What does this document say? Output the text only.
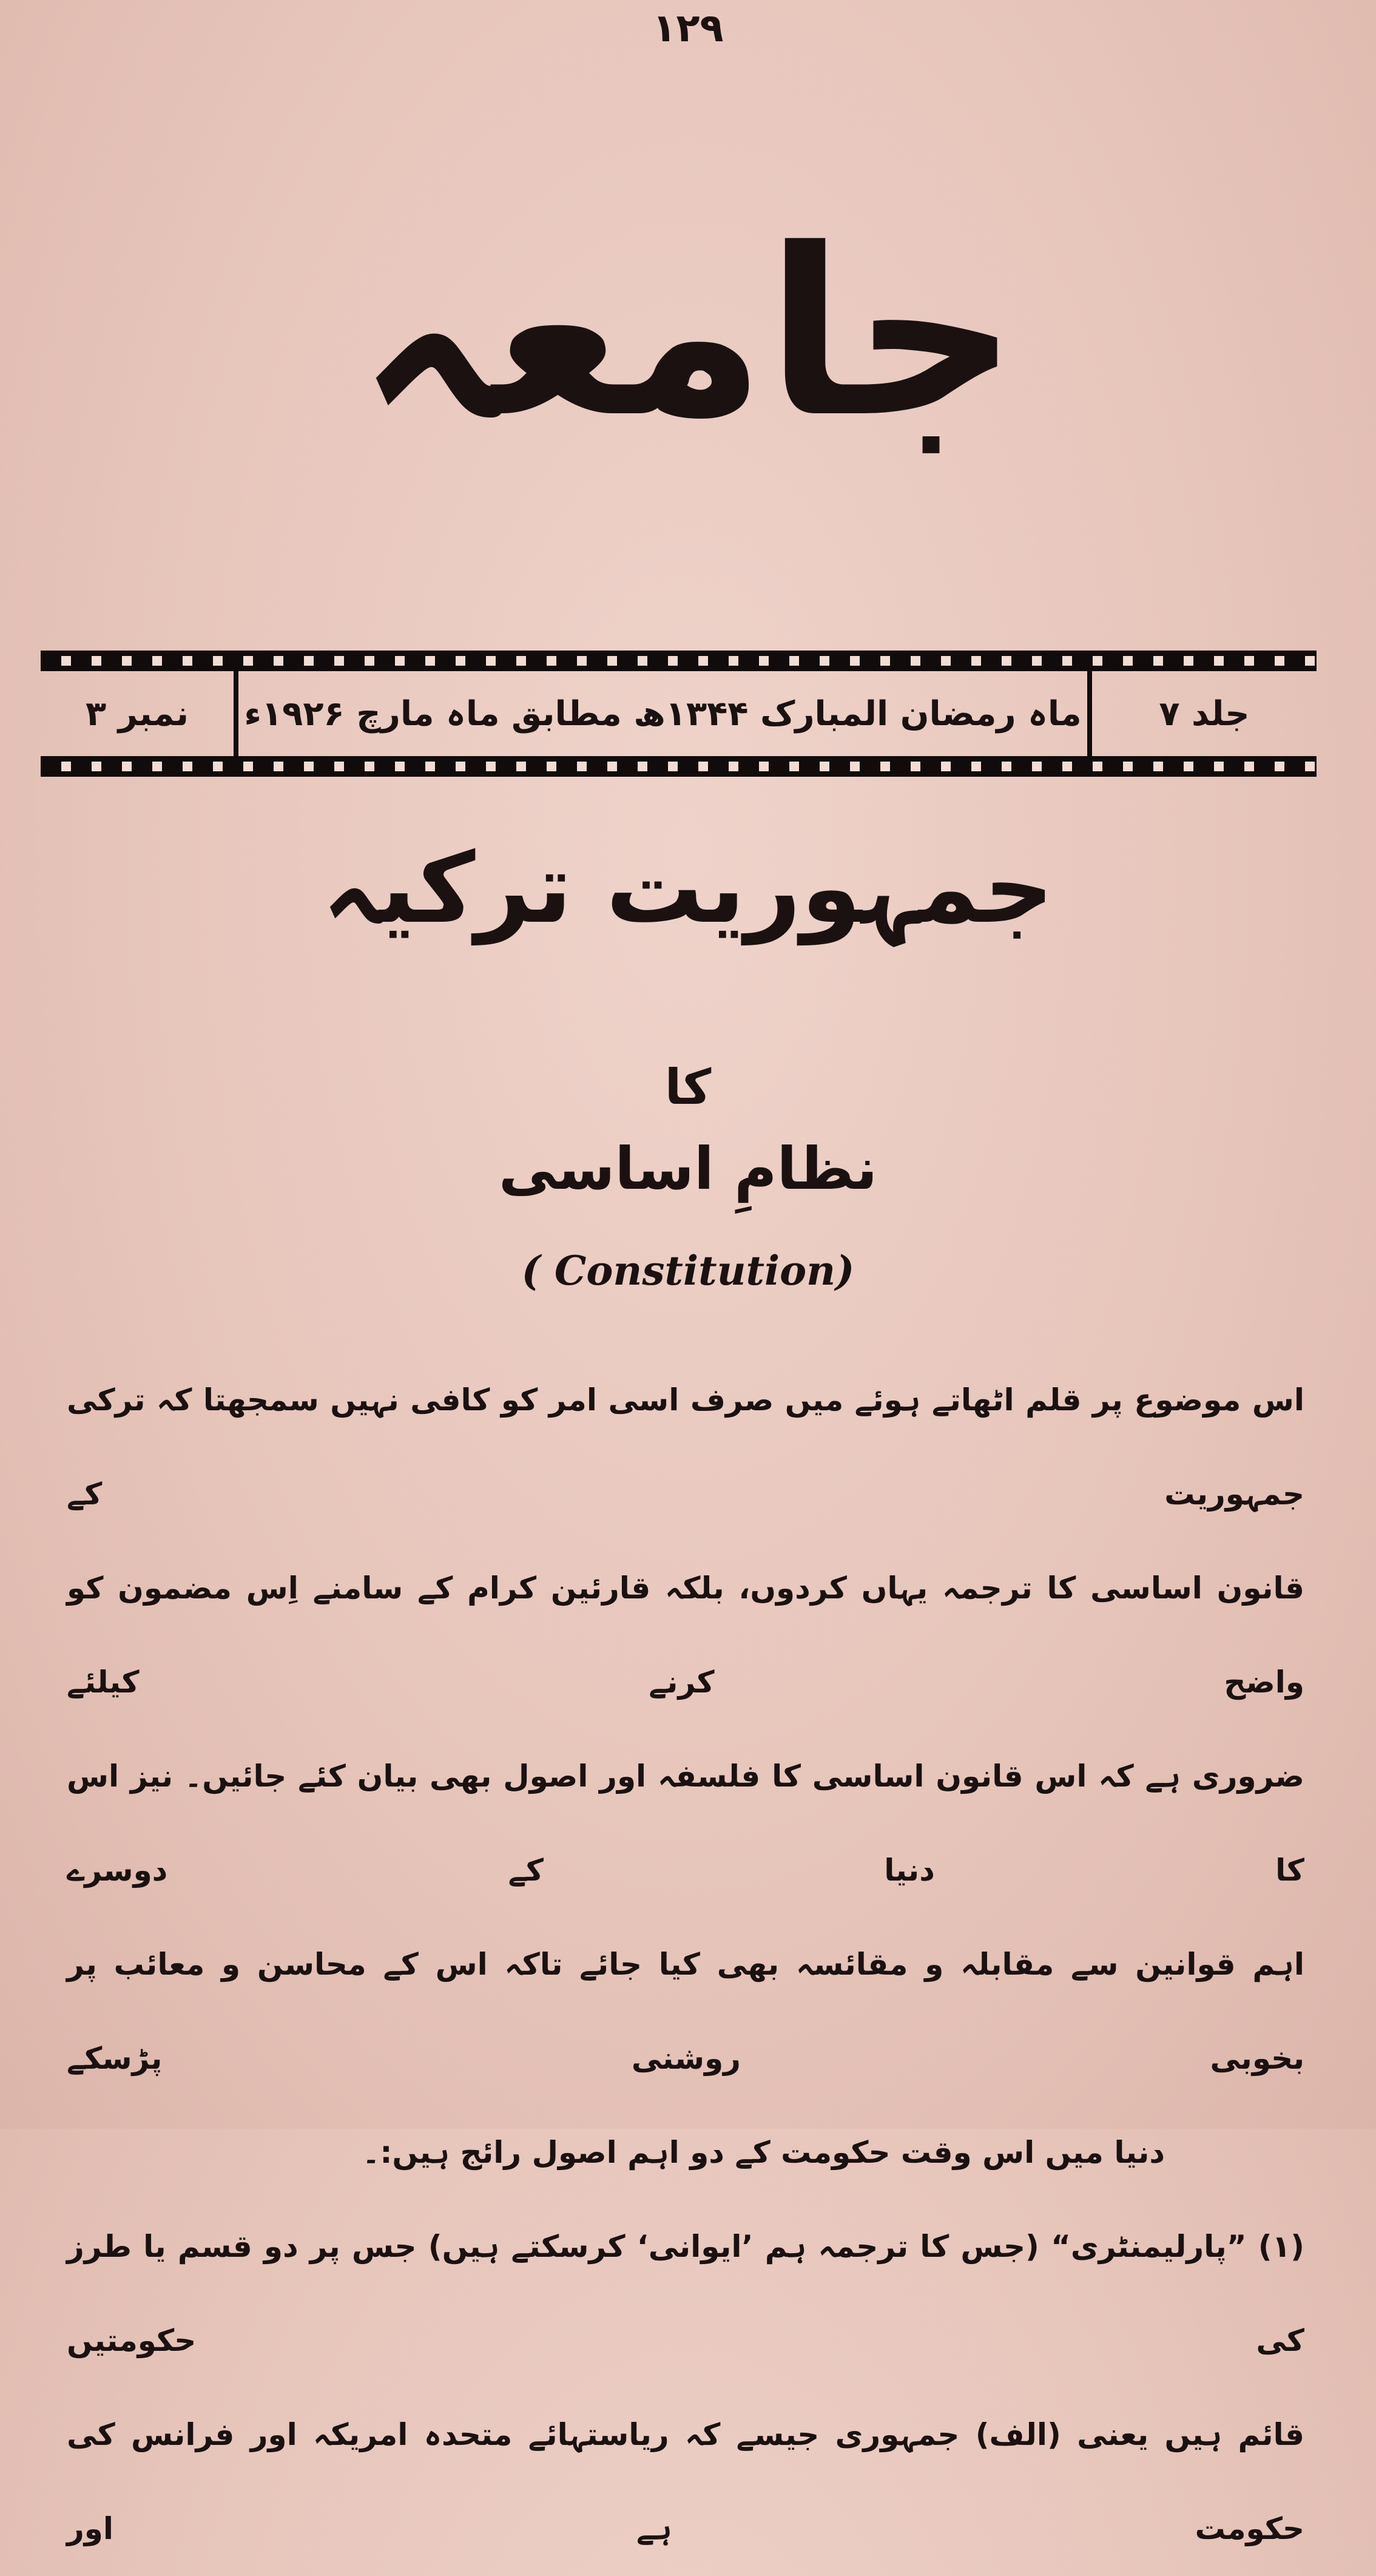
۱۲۹
جامعہ
جلد ۷
ماہ رمضان المبارک ۱۳۴۴ھ مطابق ماہ مارچ ۱۹۲۶ء
نمبر ۳
جمہوریت ترکیہ
کا
نظامِ اساسی
( Constitution)
اس موضوع پر قلم اٹھاتے ہوئے میں صرف اسی امر کو کافی نہیں سمجھتا کہ ترکی جمہوریت کے
قانون اساسی کا ترجمہ یہاں کردوں، بلکہ قارئین کرام کے سامنے اِس مضمون کو واضح کرنے کیلئے
ضروری ہے کہ اس قانون اساسی کا فلسفہ اور اصول بھی بیان کئے جائیں۔ نیز اس کا دنیا کے دوسرے
اہم قوانین سے مقابلہ و مقائسہ بھی کیا جائے تاکہ اس کے محاسن و معائب پر بخوبی روشنی پڑسکے
دنیا میں اس وقت حکومت کے دو اہم اصول رائج ہیں:۔
(۱) ”پارلیمنٹری“ (جس کا ترجمہ ہم ’ایوانی‘ کرسکتے ہیں) جس پر دو قسم یا طرز کی حکومتیں
قائم ہیں یعنی (الف) جمہوری جیسے کہ ریاستہائے متحدہ امریکہ اور فرانس کی حکومت ہے اور
